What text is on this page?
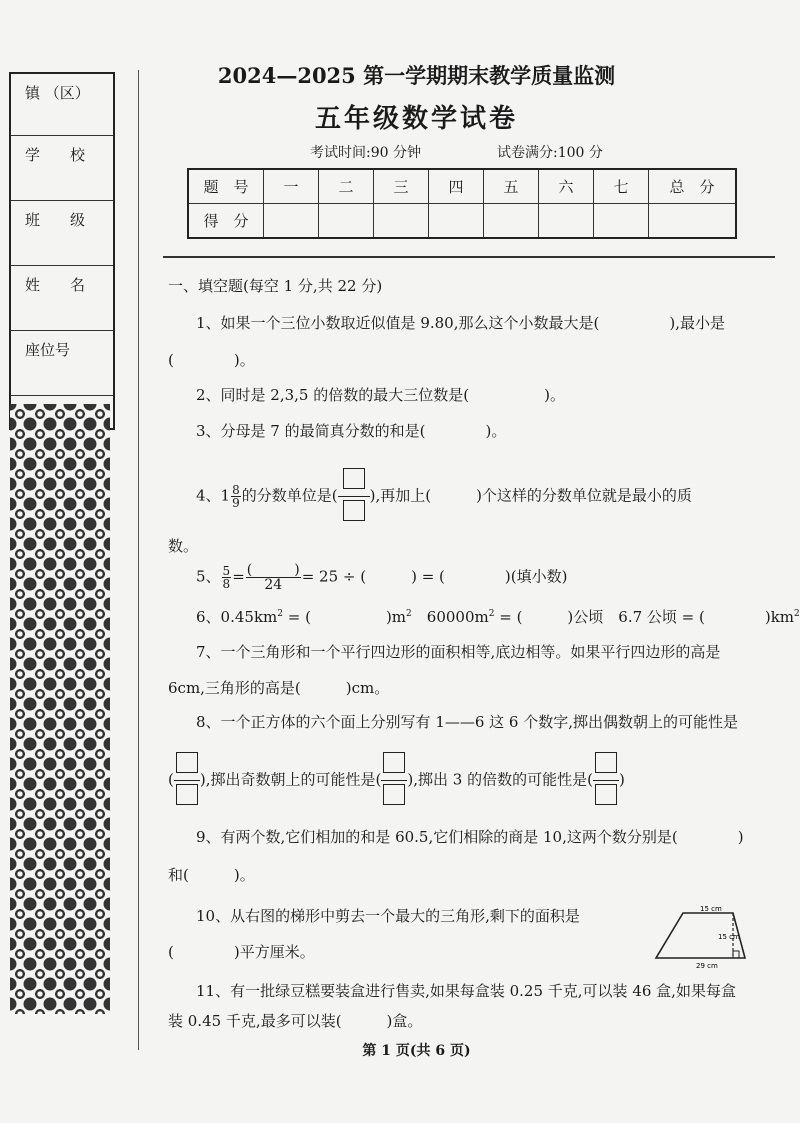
镇 （区）
学　　校
班　　级
姓　　名
座位号
2024—2025 第一学期期末教学质量监测
五年级数学试卷
考试时间:90 分钟	试卷满分:100 分
题　号	一	二	三	四	五	六	七	总　分
得　分								
一、填空题(每空 1 分,共 22 分)
1、如果一个三位小数取近似值是 9.80,那么这个小数最大是(	),最小是
(　　　　)。
2、同时是 2,3,5 的倍数的最大三位数是(　　　　　)。
3、分母是 7 的最简真分数的和是(　　　　)。
4、$1 \frac{8}{9}$ 的分数单位是( ),再加上(　　　)个这样的分数单位就是最小的质
数。
5、 $\frac{5}{8}$ = (　　　)
24	= 25 ÷ (　　　) = (　　　　)(填小数)
6、$0.45km^2$ = (　　　　　)$m^2$　$60000m^2$ = (　　　)公顷　6.7 公顷 = (　　　　)$km^2$
7、一个三角形和一个平行四边形的面积相等,底边相等。如果平行四边形的高是
6cm,三角形的高是(　　　)cm。
8、一个正方体的六个面上分别写有 1——6 这 6 个数字,掷出偶数朝上的可能性是
( ),掷出奇数朝上的可能性是( ),掷出 3 的倍数的可能性是( )
9、有两个数,它们相加的和是 60.5,它们相除的商是 10,这两个数分别是(　　　　)
和(　　　)。
10、从右图的梯形中剪去一个最大的三角形,剩下的面积是
(　　　　)平方厘米。
15 cm
15 cm
29 cm
11、有一批绿豆糕要装盒进行售卖,如果每盒装 0.25 千克,可以装 46 盒,如果每盒
装 0.45 千克,最多可以装(　　　)盒。
第 1 页(共 6 页)
